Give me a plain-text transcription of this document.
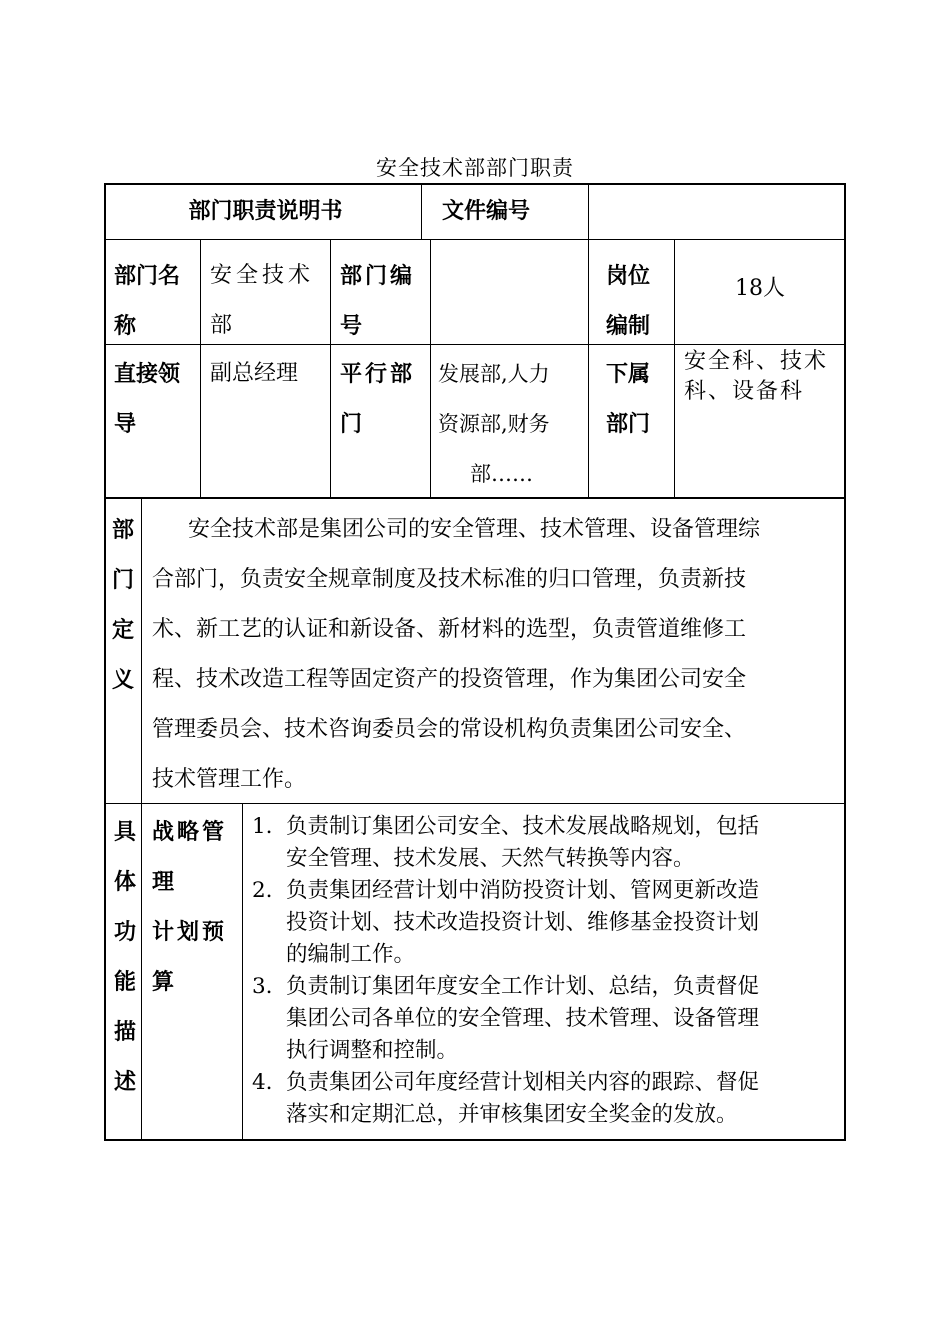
安全技术部部门职责
部门职责说明书	文件编号
部门名
称
安全技术
部
部门编
号
岗位
编制
18人
直接领
导
副总经理 平行部
门
发展部,人力
资源部,财务
部……
下属
部门
安全科、技术
科、设备科
部
门
定
义
安全技术部是集团公司的安全管理、技术管理、设备管理综
合部门，负责安全规章制度及技术标准的归口管理，负责新技
术、新工艺的认证和新设备、新材料的选型，负责管道维修工
程、技术改造工程等固定资产的投资管理，作为集团公司安全
管理委员会、技术咨询委员会的常设机构负责集团公司安全、
技术管理工作。
具
体
功
能
描
述
战略管
理
计划预
算
1. 负责制订集团公司安全、技术发展战略规划，包括
安全管理、技术发展、天然气转换等内容。
2. 负责集团经营计划中消防投资计划、管网更新改造
投资计划、技术改造投资计划、维修基金投资计划
的编制工作。
3. 负责制订集团年度安全工作计划、总结，负责督促
集团公司各单位的安全管理、技术管理、设备管理
执行调整和控制。
4. 负责集团公司年度经营计划相关内容的跟踪、督促
落实和定期汇总，并审核集团安全奖金的发放。
